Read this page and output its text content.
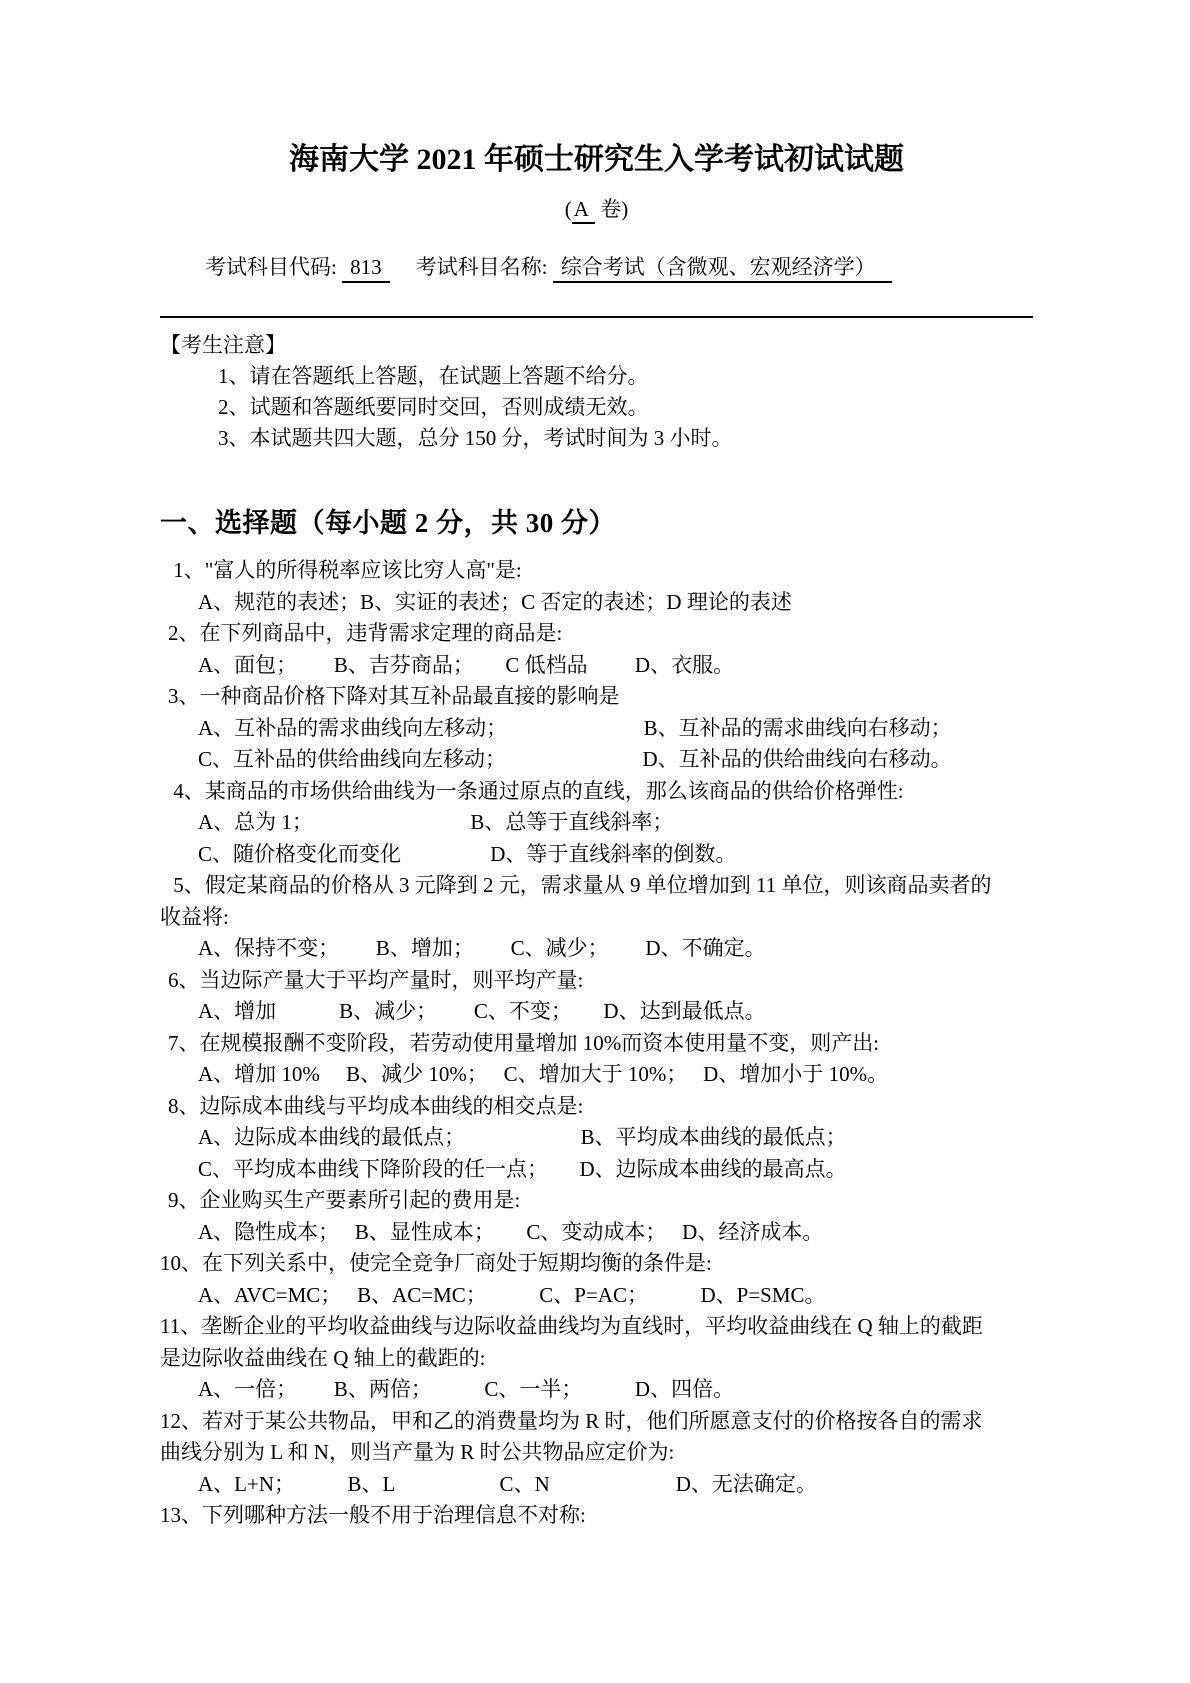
海南大学 2021 年硕士研究生入学考试初试试题
(A 卷)
考试科目代码: 813 考试科目名称: 综合考试（含微观、宏观经济学）
【考生注意】
1、请在答题纸上答题，在试题上答题不给分。
2、试题和答题纸要同时交回，否则成绩无效。
3、本试题共四大题，总分 150 分，考试时间为 3 小时。
一、选择题（每小题 2 分，共 30 分）
1、"富人的所得税率应该比穷人高"是:
A、规范的表述；B、实证的表述；C 否定的表述；D 理论的表述
2、在下列商品中，违背需求定理的商品是:
A、面包；　　 B、吉芬商品；　　C 低档品　　 D、衣服。
3、一种商品价格下降对其互补品最直接的影响是
A、互补品的需求曲线向左移动；　　　　　　　B、互补品的需求曲线向右移动；
C、互补品的供给曲线向左移动；　　　　　　　D、互补品的供给曲线向右移动。
4、某商品的市场供给曲线为一条通过原点的直线，那么该商品的供给价格弹性:
A、总为 1；　　　　　　　　B、总等于直线斜率；
C、随价格变化而变化　　　　 D、等于直线斜率的倒数。
5、假定某商品的价格从 3 元降到 2 元，需求量从 9 单位增加到 11 单位，则该商品卖者的
收益将:
A、保持不变；　　 B、增加；　　 C、减少；　　 D、不确定。
6、当边际产量大于平均产量时，则平均产量:
A、增加　　　B、减少；　　 C、不变；　　D、达到最低点。
7、在规模报酬不变阶段，若劳动使用量增加 10%而资本使用量不变，则产出:
A、增加 10%　 B、减少 10%；　 C、增加大于 10%；　 D、增加小于 10%。
8、边际成本曲线与平均成本曲线的相交点是:
A、边际成本曲线的最低点；　　　　　　B、平均成本曲线的最低点；
C、平均成本曲线下降阶段的任一点；　　D、边际成本曲线的最高点。
9、企业购买生产要素所引起的费用是:
A、隐性成本；　 B、显性成本；　　C、变动成本；　 D、经济成本。
10、在下列关系中，使完全竞争厂商处于短期均衡的条件是:
A、AVC=MC；　 B、AC=MC；　　　C、P=AC；　　　D、P=SMC。
11、垄断企业的平均收益曲线与边际收益曲线均为直线时，平均收益曲线在 Q 轴上的截距
是边际收益曲线在 Q 轴上的截距的:
A、一倍；　　 B、两倍；　　　C、一半；　　　D、四倍。
12、若对于某公共物品，甲和乙的消费量均为 R 时，他们所愿意支付的价格按各自的需求
曲线分别为 L 和 N，则当产量为 R 时公共物品应定价为:
A、L+N；　　　B、L　　　　　C、N　　　　　　D、无法确定。
13、下列哪种方法一般不用于治理信息不对称:
